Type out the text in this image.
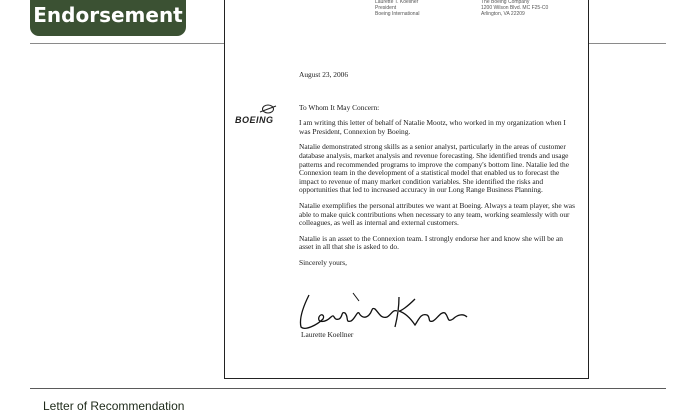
Endorsement
Laurette T. Koellner
President
Boeing International
The Boeing Company
1200 Wilson Blvd. MC F25-C0
Arlington, VA 22209
BOEING

August 23, 2006

To Whom It May Concern:

I am writing this letter of behalf of Natalie Mootz, who worked in my organization when I was President, Connexion by Boeing.

Natalie demonstrated strong skills as a senior analyst, particularly in the areas of customer database analysis, market analysis and revenue forecasting. She identified trends and usage patterns and recommended programs to improve the company's bottom line. Natalie led the Connexion team in the development of a statistical model that enabled us to forecast the impact to revenue of many market condition variables. She identified the risks and opportunities that led to increased accuracy in our Long Range Business Planning.

Natalie exemplifies the personal attributes we want at Boeing. Always a team player, she was able to make quick contributions when necessary to any team, working seamlessly with our colleagues, as well as internal and external customers.

Natalie is an asset to the Connexion team. I strongly endorse her and know she will be an asset in all that she is asked to do.

Sincerely yours,

Laurette Koellner
Letter of Recommendation
